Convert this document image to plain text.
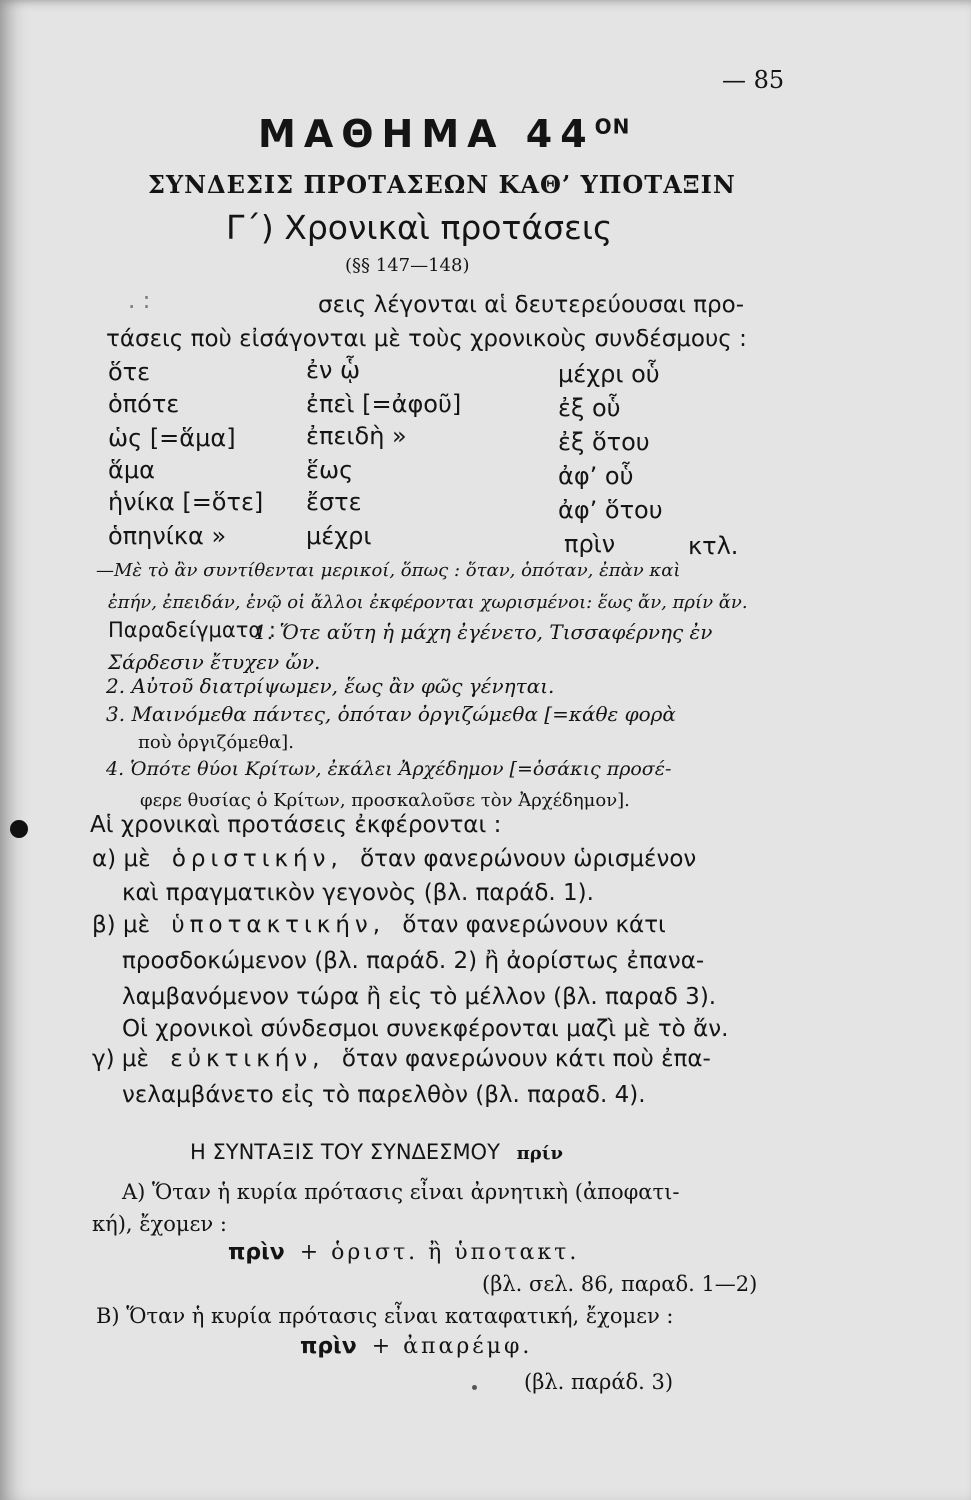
— 85
ΜΑΘΗΜΑ $44^{ON}$
ΣΥΝΔΕΣΙΣ ΠΡΟΤΑΣΕΩΝ ΚΑΘ’ ΥΠΟΤΑΞΙΝ
Γ΄) Χρονικαὶ προτάσεις
(§§ 147—148)
. :	σεις λέγονται αἱ δευτερεύουσαι προ-
τάσεις ποὺ εἰσάγονται μὲ τοὺς χρονικοὺς συνδέσμους :
ὅτε
ὁπότε
ὡς [=ἅμα]
ἅμα
ἡνίκα [=ὅτε]
ὁπηνίκα »
ἐν ᾧ
ἐπεὶ [=ἀφοῦ]
ἐπειδὴ »
ἕως
ἔστε
μέχρι
μέχρι οὗ
ἐξ οὗ
ἐξ ὅτου
ἀφ’ οὗ
ἀφ’ ὅτου
πρὶν	κτλ.
—Μὲ τὸ ἂν συντίθενται μερικοί, ὅπως : ὅταν, ὁπόταν, ἐπὰν καὶ
ἐπήν, ἐπειδάν, ἐνῷ οἱ ἄλλοι ἐκφέρονται χωρισμένοι: ἕως ἄν, πρίν ἄν.
Παραδείγματα :
1. Ὅτε αὕτη ἡ μάχη ἐγένετο, Τισσαφέρνης ἐν
Σάρδεσιν ἔτυχεν ὤν.
2. Αὐτοῦ διατρίψωμεν, ἕως ἂν φῶς γένηται.
3. Μαινόμεθα πάντες, ὁπόταν ὀργιζώμεθα [=κάθε φορὰ
ποὺ ὀργιζόμεθα].
4. Ὁπότε θύοι Κρίτων, ἐκάλει Ἀρχέδημον [=ὁσάκις προσέ-
φερε θυσίας ὁ Κρίτων, προσκαλοῦσε τὸν Ἀρχέδημον].
Αἱ χρονικαὶ προτάσεις ἐκφέρονται :
α) μὲ ὁριστικήν, ὅταν φανερώνουν ὡρισμένον
καὶ πραγματικὸν γεγονὸς (βλ. παράδ. 1).
β) μὲ ὑποτακτικήν, ὅταν φανερώνουν κάτι
προσδοκώμενον (βλ. παράδ. 2) ἢ ἀορίστως ἐπανα-
λαμβανόμενον τώρα ἢ εἰς τὸ μέλλον (βλ. παραδ 3).
Οἱ χρονικοὶ σύνδεσμοι συνεκφέρονται μαζὶ μὲ τὸ ἄν.
γ) μὲ εὐκτικήν, ὅταν φανερώνουν κάτι ποὺ ἐπα-
νελαμβάνετο εἰς τὸ παρελθὸν (βλ. παραδ. 4).
Η ΣΥΝΤΑΞΙΣ ΤΟΥ ΣΥΝΔΕΣΜΟΥ πρίν
Α) Ὅταν ἡ κυρία πρότασις εἶναι ἀρνητικὴ (ἀποφατι-
κή), ἔχομεν :
πρὶν + ὁριστ. ἢ ὑποτακτ.
(βλ. σελ. 86, παραδ. 1—2)
Β) Ὅταν ἡ κυρία πρότασις εἶναι καταφατική, ἔχομεν :
πρὶν + ἀπαρέμφ.
(βλ. παράδ. 3)
